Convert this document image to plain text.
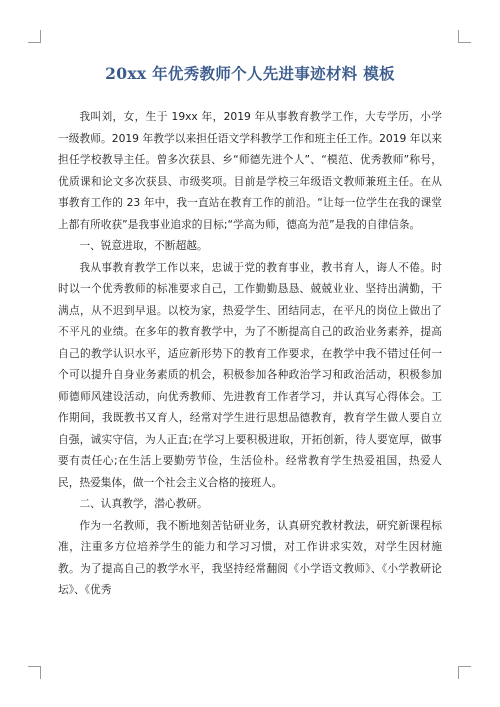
20xx 年优秀教师个人先进事迹材料 模板

我叫刘，女，生于 19xx 年，2019 年从事教育教学工作，大专学历，小学一级教师。2019 年教学以来担任语文学科教学工作和班主任工作。2019 年以来担任学校教导主任。曾多次获县、乡“师德先进个人”、“模范、优秀教师”称号，优质课和论文多次获县、市级奖项。目前是学校三年级语文教师兼班主任。在从事教育工作的 23 年中，我一直站在教育工作的前沿。“让每一位学生在我的课堂上都有所收获”是我事业追求的目标;“学高为师，德高为范”是我的自律信条。

一、锐意进取，不断超越。

我从事教育教学工作以来，忠诚于党的教育事业，教书育人，诲人不倦。时时以一个优秀教师的标准要求自己，工作勤勤恳恳、兢兢业业、坚持出满勤，干满点，从不迟到早退。以校为家，热爱学生、团结同志，在平凡的岗位上做出了不平凡的业绩。在多年的教育教学中，为了不断提高自己的政治业务素养，提高自己的教学认识水平，适应新形势下的教育工作要求，在教学中我不错过任何一个可以提升自身业务素质的机会，积极参加各种政治学习和政治活动，积极参加师德师风建设活动，向优秀教师、先进教育工作者学习，并认真写心得体会。工作期间，我既教书又育人，经常对学生进行思想品德教育，教育学生做人要自立自强，诚实守信，为人正直;在学习上要积极进取，开拓创新，待人要宽厚，做事要有责任心;在生活上要勤劳节俭，生活俭朴。经常教育学生热爱祖国，热爱人民，热爱集体，做一个社会主义合格的接班人。

二、认真教学，潜心教研。

作为一名教师，我不断地刻苦钻研业务，认真研究教材教法，研究新课程标准，注重多方位培养学生的能力和学习习惯，对工作讲求实效，对学生因材施教。为了提高自己的教学水平，我坚持经常翻阅《小学语文教师》、《小学教研论坛》、《优秀
